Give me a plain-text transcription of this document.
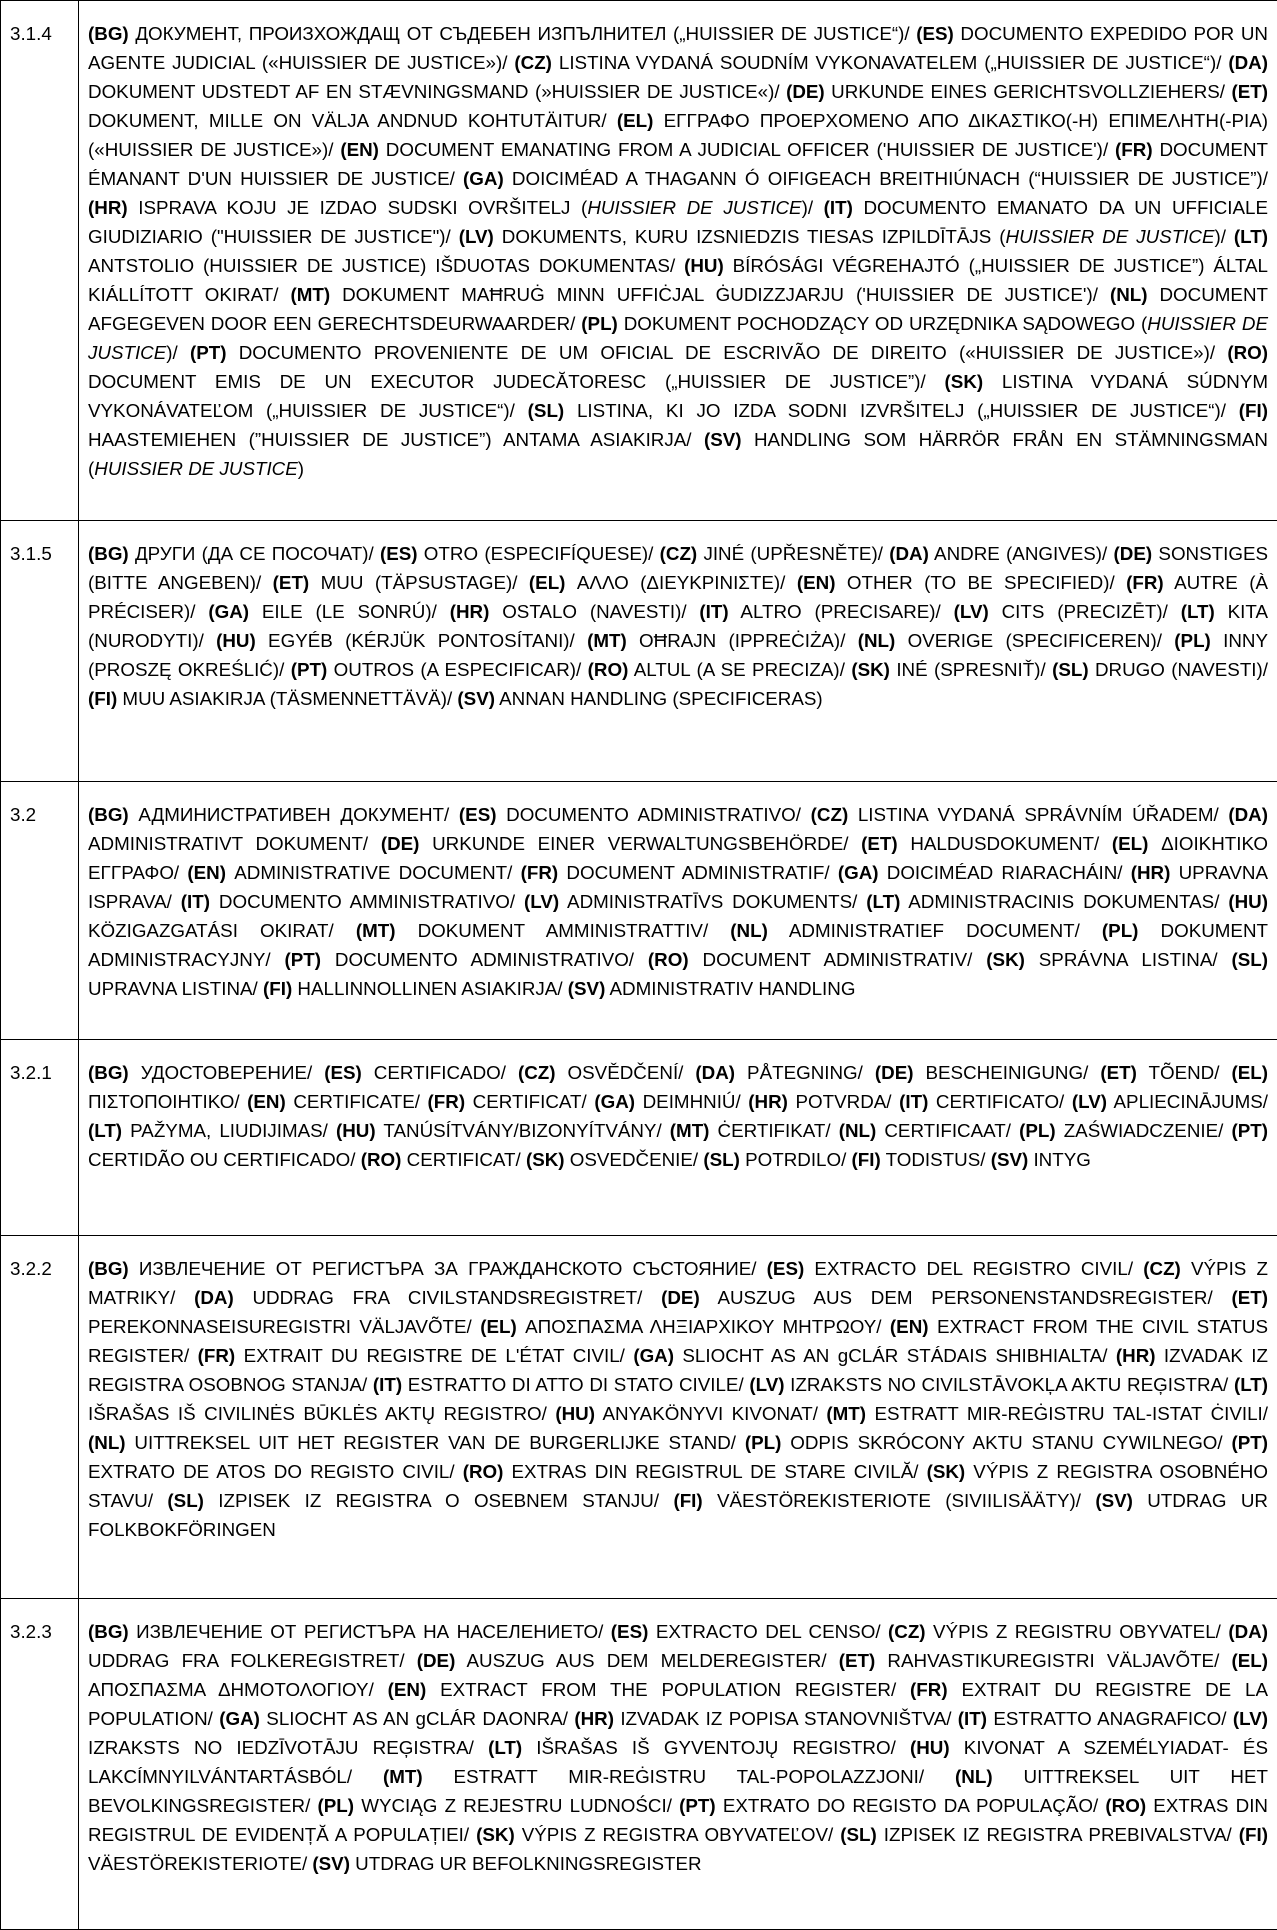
3.1.4	(BG) ДОКУМЕНТ, ПРОИЗХОЖДАЩ ОТ СЪДЕБЕН ИЗПЪЛНИТЕЛ („HUISSIER DE JUSTICE“)/ (ES) DOCUMENTO EXPEDIDO POR UN AGENTE JUDICIAL («HUISSIER DE JUSTICE»)/ (CZ) LISTINA VYDANÁ SOUDNÍM VYKONAVATELEM („HUISSIER DE JUSTICE“)/ (DA) DOKUMENT UDSTEDT AF EN STÆVNINGSMAND (»HUISSIER DE JUSTICE«)/ (DE) URKUNDE EINES GERICHTSVOLLZIEHERS/ (ET) DOKUMENT, MILLE ON VÄLJA ANDNUD KOHTUTÄITUR/ (EL) ΕΓΓΡΑΦΟ ΠΡΟΕΡΧΟΜΕΝΟ ΑΠΟ ΔΙΚΑΣΤΙΚΟ(-Η) ΕΠΙΜΕΛΗΤΗ(-ΡΙΑ) («HUISSIER DE JUSTICE»)/ (EN) DOCUMENT EMANATING FROM A JUDICIAL OFFICER ('HUISSIER DE JUSTICE')/ (FR) DOCUMENT ÉMANANT D'UN HUISSIER DE JUSTICE/ (GA) DOICIMÉAD A THAGANN Ó OIFIGEACH BREITHIÚNACH (“HUISSIER DE JUSTICE”)/ (HR) ISPRAVA KOJU JE IZDAO SUDSKI OVRŠITELJ (HUISSIER DE JUSTICE)/ (IT) DOCUMENTO EMANATO DA UN UFFICIALE GIUDIZIARIO ("HUISSIER DE JUSTICE")/ (LV) DOKUMENTS, KURU IZSNIEDZIS TIESAS IZPILDĪTĀJS (HUISSIER DE JUSTICE)/ (LT) ANTSTOLIO (HUISSIER DE JUSTICE) IŠDUOTAS DOKUMENTAS/ (HU) BÍRÓSÁGI VÉGREHAJTÓ („HUISSIER DE JUSTICE”) ÁLTAL KIÁLLÍTOTT OKIRAT/ (MT) DOKUMENT MAĦRUĠ MINN UFFIĊJAL ĠUDIZZJARJU ('HUISSIER DE JUSTICE')/ (NL) DOCUMENT AFGEGEVEN DOOR EEN GERECHTSDEURWAARDER/ (PL) DOKUMENT POCHODZĄCY OD URZĘDNIKA SĄDOWEGO (HUISSIER DE JUSTICE)/ (PT) DOCUMENTO PROVENIENTE DE UM OFICIAL DE ESCRIVÃO DE DIREITO («HUISSIER DE JUSTICE»)/ (RO) DOCUMENT EMIS DE UN EXECUTOR JUDECĂTORESC („HUISSIER DE JUSTICE”)/ (SK) LISTINA VYDANÁ SÚDNYM VYKONÁVATEĽOM („HUISSIER DE JUSTICE“)/ (SL) LISTINA, KI JO IZDA SODNI IZVRŠITELJ („HUISSIER DE JUSTICE“)/ (FI) HAASTEMIEHEN (”HUISSIER DE JUSTICE”) ANTAMA ASIAKIRJA/ (SV) HANDLING SOM HÄRRÖR FRÅN EN STÄMNINGSMAN (HUISSIER DE JUSTICE)
3.1.5	(BG) ДРУГИ (ДА СЕ ПОСОЧАТ)/ (ES) OTRO (ESPECIFÍQUESE)/ (CZ) JINÉ (UPŘESNĚTE)/ (DA) ANDRE (ANGIVES)/ (DE) SONSTIGES (BITTE ANGEBEN)/ (ET) MUU (TÄPSUSTAGE)/ (EL) ΑΛΛΟ (ΔΙΕΥΚΡΙΝΙΣΤΕ)/ (EN) OTHER (TO BE SPECIFIED)/ (FR) AUTRE (À PRÉCISER)/ (GA) EILE (LE SONRÚ)/ (HR) OSTALO (NAVESTI)/ (IT) ALTRO (PRECISARE)/ (LV) CITS (PRECIZĒT)/ (LT) KITA (NURODYTI)/ (HU) EGYÉB (KÉRJÜK PONTOSÍTANI)/ (MT) OĦRAJN (IPPREĊIŻA)/ (NL) OVERIGE (SPECIFICEREN)/ (PL) INNY (PROSZĘ OKREŚLIĆ)/ (PT) OUTROS (A ESPECIFICAR)/ (RO) ALTUL (A SE PRECIZA)/ (SK) INÉ (SPRESNIŤ)/ (SL) DRUGO (NAVESTI)/ (FI) MUU ASIAKIRJA (TÄSMENNETTÄVÄ)/ (SV) ANNAN HANDLING (SPECIFICERAS)
3.2	(BG) АДМИНИСТРАТИВЕН ДОКУМЕНТ/ (ES) DOCUMENTO ADMINISTRATIVO/ (CZ) LISTINA VYDANÁ SPRÁVNÍM ÚŘADEM/ (DA) ADMINISTRATIVT DOKUMENT/ (DE) URKUNDE EINER VERWALTUNGSBEHÖRDE/ (ET) HALDUSDOKUMENT/ (EL) ΔΙΟΙΚΗΤΙΚΟ ΕΓΓΡΑΦΟ/ (EN) ADMINISTRATIVE DOCUMENT/ (FR) DOCUMENT ADMINISTRATIF/ (GA) DOICIMÉAD RIARACHÁIN/ (HR) UPRAVNA ISPRAVA/ (IT) DOCUMENTO AMMINISTRATIVO/ (LV) ADMINISTRATĪVS DOKUMENTS/ (LT) ADMINISTRACINIS DOKUMENTAS/ (HU) KÖZIGAZGATÁSI OKIRAT/ (MT) DOKUMENT AMMINISTRATTIV/ (NL) ADMINISTRATIEF DOCUMENT/ (PL) DOKUMENT ADMINISTRACYJNY/ (PT) DOCUMENTO ADMINISTRATIVO/ (RO) DOCUMENT ADMINISTRATIV/ (SK) SPRÁVNA LISTINA/ (SL) UPRAVNA LISTINA/ (FI) HALLINNOLLINEN ASIAKIRJA/ (SV) ADMINISTRATIV HANDLING
3.2.1	(BG) УДОСТОВЕРЕНИЕ/ (ES) CERTIFICADO/ (CZ) OSVĚDČENÍ/ (DA) PÅTEGNING/ (DE) BESCHEINIGUNG/ (ET) TÕEND/ (EL) ΠΙΣΤΟΠΟΙΗΤΙΚΟ/ (EN) CERTIFICATE/ (FR) CERTIFICAT/ (GA) DEIMHNIÚ/ (HR) POTVRDA/ (IT) CERTIFICATO/ (LV) APLIECINĀJUMS/ (LT) PAŽYMA, LIUDIJIMAS/ (HU) TANÚSÍTVÁNY/BIZONYÍTVÁNY/ (MT) ĊERTIFIKAT/ (NL) CERTIFICAAT/ (PL) ZAŚWIADCZENIE/ (PT) CERTIDÃO OU CERTIFICADO/ (RO) CERTIFICAT/ (SK) OSVEDČENIE/ (SL) POTRDILO/ (FI) TODISTUS/ (SV) INTYG
3.2.2	(BG) ИЗВЛЕЧЕНИЕ ОТ РЕГИСТЪРА ЗА ГРАЖДАНСКОТО СЪСТОЯНИЕ/ (ES) EXTRACTO DEL REGISTRO CIVIL/ (CZ) VÝPIS Z MATRIKY/ (DA) UDDRAG FRA CIVILSTANDSREGISTRET/ (DE) AUSZUG AUS DEM PERSONENSTANDSREGISTER/ (ET) PEREKONNASEISUREGISTRI VÄLJAVÕTE/ (EL) ΑΠΟΣΠΑΣΜΑ ΛΗΞΙΑΡΧΙΚΟΥ ΜΗΤΡΩΟΥ/ (EN) EXTRACT FROM THE CIVIL STATUS REGISTER/ (FR) EXTRAIT DU REGISTRE DE L'ÉTAT CIVIL/ (GA) SLIOCHT AS AN gCLÁR STÁDAIS SHIBHIALTA/ (HR) IZVADAK IZ REGISTRA OSOBNOG STANJA/ (IT) ESTRATTO DI ATTO DI STATO CIVILE/ (LV) IZRAKSTS NO CIVILSTĀVOKĻA AKTU REĢISTRA/ (LT) IŠRAŠAS IŠ CIVILINĖS BŪKLĖS AKTŲ REGISTRO/ (HU) ANYAKÖNYVI KIVONAT/ (MT) ESTRATT MIR-REĠISTRU TAL-ISTAT ĊIVILI/ (NL) UITTREKSEL UIT HET REGISTER VAN DE BURGERLIJKE STAND/ (PL) ODPIS SKRÓCONY AKTU STANU CYWILNEGO/ (PT) EXTRATO DE ATOS DO REGISTO CIVIL/ (RO) EXTRAS DIN REGISTRUL DE STARE CIVILĂ/ (SK) VÝPIS Z REGISTRA OSOBNÉHO STAVU/ (SL) IZPISEK IZ REGISTRA O OSEBNEM STANJU/ (FI) VÄESTÖREKISTERIOTE (SIVIILISÄÄTY)/ (SV) UTDRAG UR FOLKBOKFÖRINGEN
3.2.3	(BG) ИЗВЛЕЧЕНИЕ ОТ РЕГИСТЪРА НА НАСЕЛЕНИЕТО/ (ES) EXTRACTO DEL CENSO/ (CZ) VÝPIS Z REGISTRU OBYVATEL/ (DA) UDDRAG FRA FOLKEREGISTRET/ (DE) AUSZUG AUS DEM MELDEREGISTER/ (ET) RAHVASTIKUREGISTRI VÄLJAVÕTE/ (EL) ΑΠΟΣΠΑΣΜΑ ΔΗΜΟΤΟΛΟΓΙΟΥ/ (EN) EXTRACT FROM THE POPULATION REGISTER/ (FR) EXTRAIT DU REGISTRE DE LA POPULATION/ (GA) SLIOCHT AS AN gCLÁR DAONRA/ (HR) IZVADAK IZ POPISA STANOVNIŠTVA/ (IT) ESTRATTO ANAGRAFICO/ (LV) IZRAKSTS NO IEDZĪVOTĀJU REĢISTRA/ (LT) IŠRAŠAS IŠ GYVENTOJŲ REGISTRO/ (HU) KIVONAT A SZEMÉLYIADAT- ÉS LAKCÍMNYILVÁNTARTÁSBÓL/ (MT) ESTRATT MIR-REĠISTRU TAL-POPOLAZZJONI/ (NL) UITTREKSEL UIT HET BEVOLKINGSREGISTER/ (PL) WYCIĄG Z REJESTRU LUDNOŚCI/ (PT) EXTRATO DO REGISTO DA POPULAÇÃO/ (RO) EXTRAS DIN REGISTRUL DE EVIDENȚĂ A POPULAȚIEI/ (SK) VÝPIS Z REGISTRA OBYVATEĽOV/ (SL) IZPISEK IZ REGISTRA PREBIVALSTVA/ (FI) VÄESTÖREKISTERIOTE/ (SV) UTDRAG UR BEFOLKNINGSREGISTER
